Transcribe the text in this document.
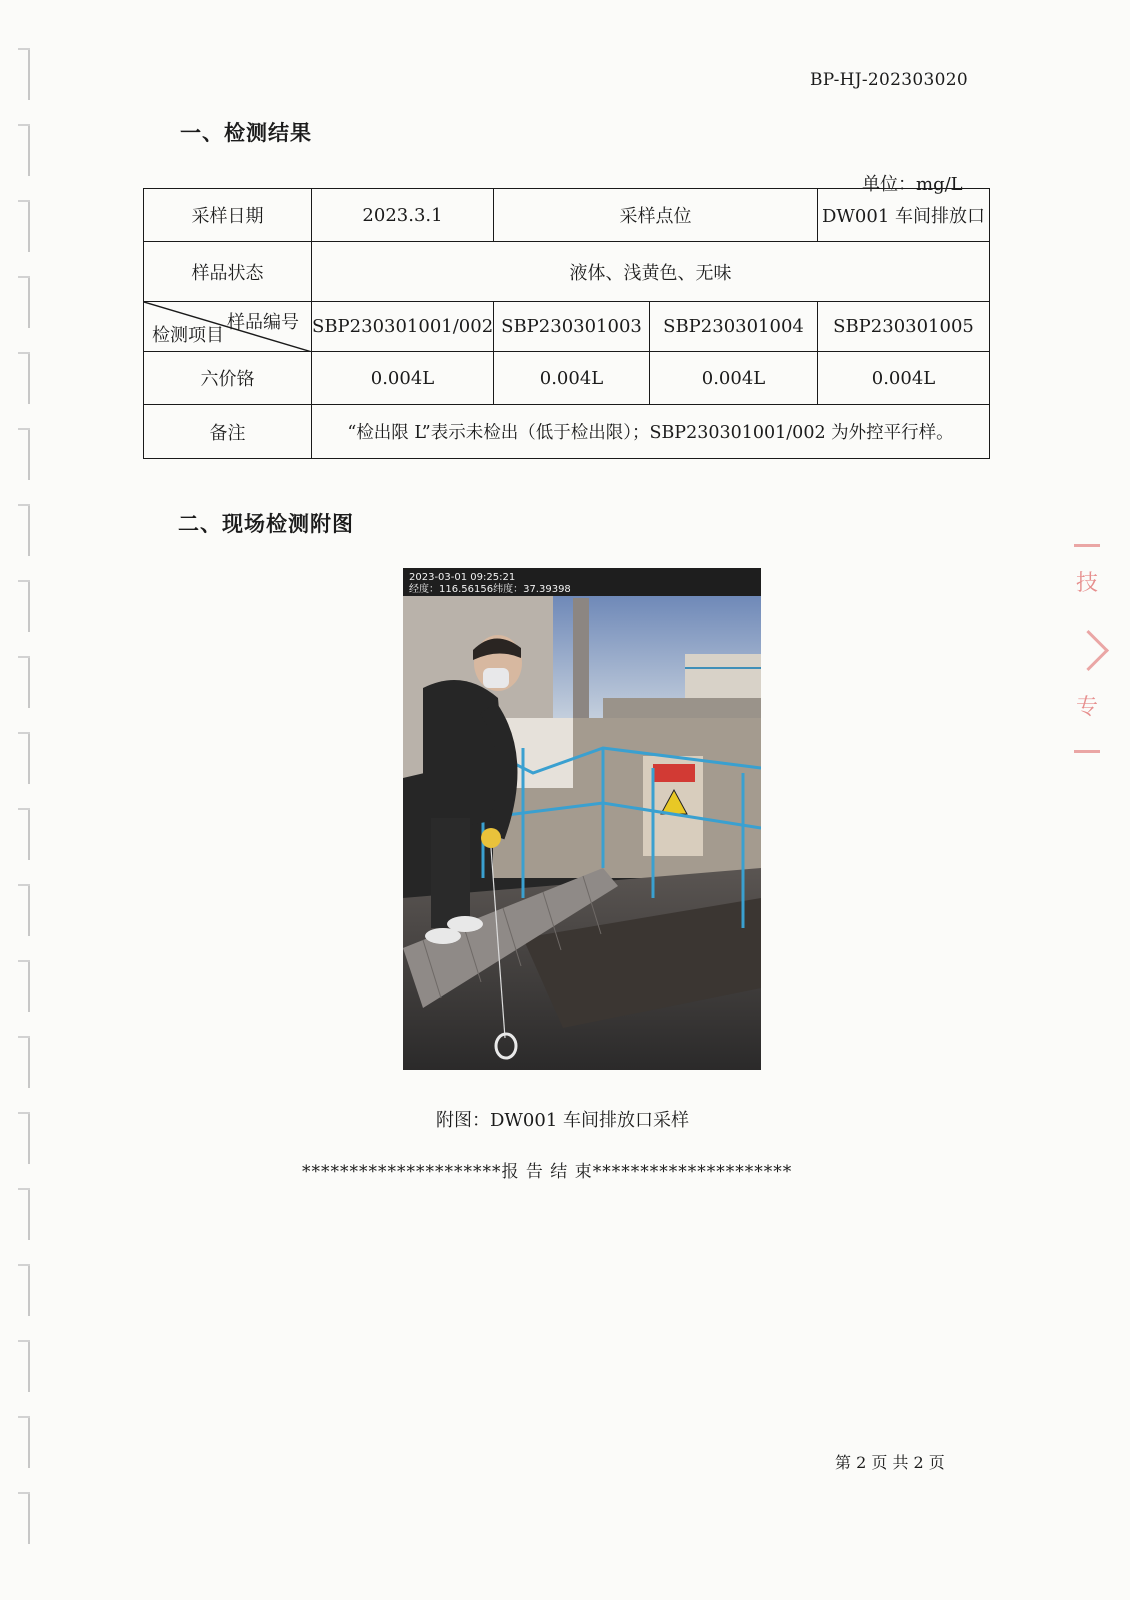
BP-HJ-202303020
一、检测结果
单位：mg/L
采样日期	2023.3.1	采样点位		DW001 车间排放口
样品状态	液体、浅黄色、无味			

样品编号
检测项目	SBP230301001/002	SBP230301003	SBP230301004	SBP230301005
六价铬	0.004L	0.004L	0.004L	0.004L
备注	“检出限 L”表示未检出（低于检出限）；SBP230301001/002 为外控平行样。			
二、现场检测附图
2023-03-01 09:25:21
经度：116.56156纬度：37.39398
附图：DW001 车间排放口采样
*********************报 告 结 束*********************
第 2 页 共 2 页
技
专
